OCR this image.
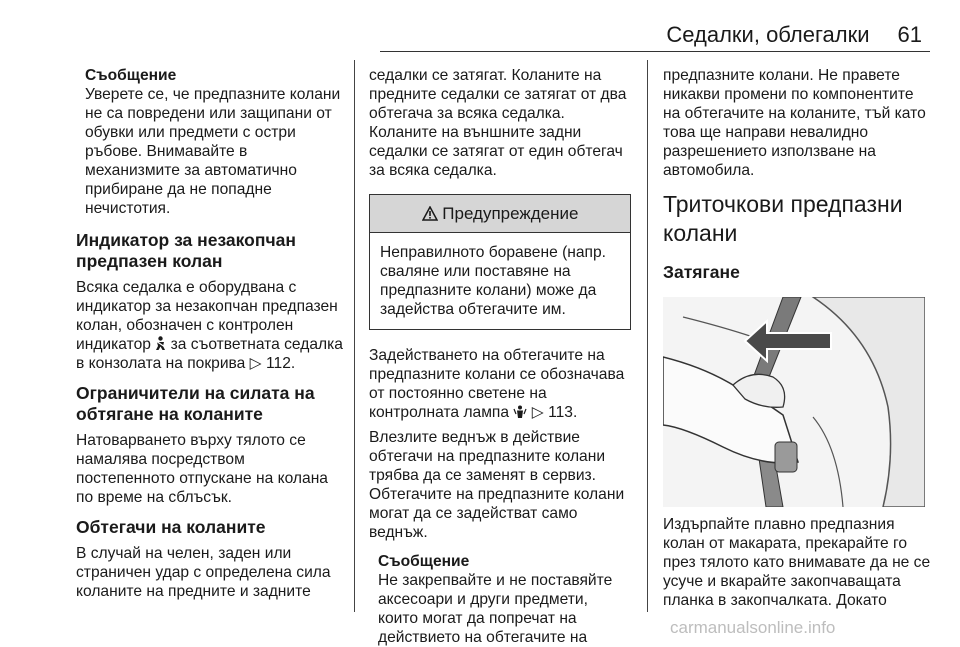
Седалки, облегалки 61

Съобщение

Уверете се, че предпазните колани не са повредени или защипани от обувки или предмети с остри ръбове. Внимавайте в механизмите за автоматично прибиране да не попадне нечистотия.

Индикатор за незакопчан предпазен колан

Всяка седалка е оборудвана с индикатор за незакопчан предпазен колан, обозначен с контролен индикатор за съответната седалка в конзолата на покрива ▷ 112.

Ограничители на силата на обтягане на коланите

Натоварването върху тялото се намалява посредством постепенното отпускане на колана по време на сблъсък.

Обтегачи на коланите

В случай на челен, заден или страничен удар с определена сила коланите на предните и задните

седалки се затягат. Коланите на предните седалки се затягат от два обтегача за всяка седалка. Коланите на външните задни седалки се затягат от един обтегач за всяка седалка.

Предупреждение
Неправилното боравене (напр. сваляне или поставяне на предпазните колани) може да задейства обтегачите им.

Задействането на обтегачите на предпазните колани се обозначава от постоянно светене на контролната лампа ▷ 113.

Влезлите веднъж в действие обтегачи на предпазните колани трябва да се заменят в сервиз. Обтегачите на предпазните колани могат да се задействат само веднъж.

Съобщение

Не закрепвайте и не поставяйте аксесоари и други предмети, които могат да попречат на действието на обтегачите на

предпазните колани. Не правете никакви промени по компонентите на обтегачите на коланите, тъй като това ще направи невалидно разрешението използване на автомобила.

Триточкови предпазни колани
Затягане

Издърпайте плавно предпазния колан от макарата, прекарайте го през тялото като внимавате да не се усуче и вкарайте закопчаващата планка в закопчалката. Докато

carmanualsonline.info
